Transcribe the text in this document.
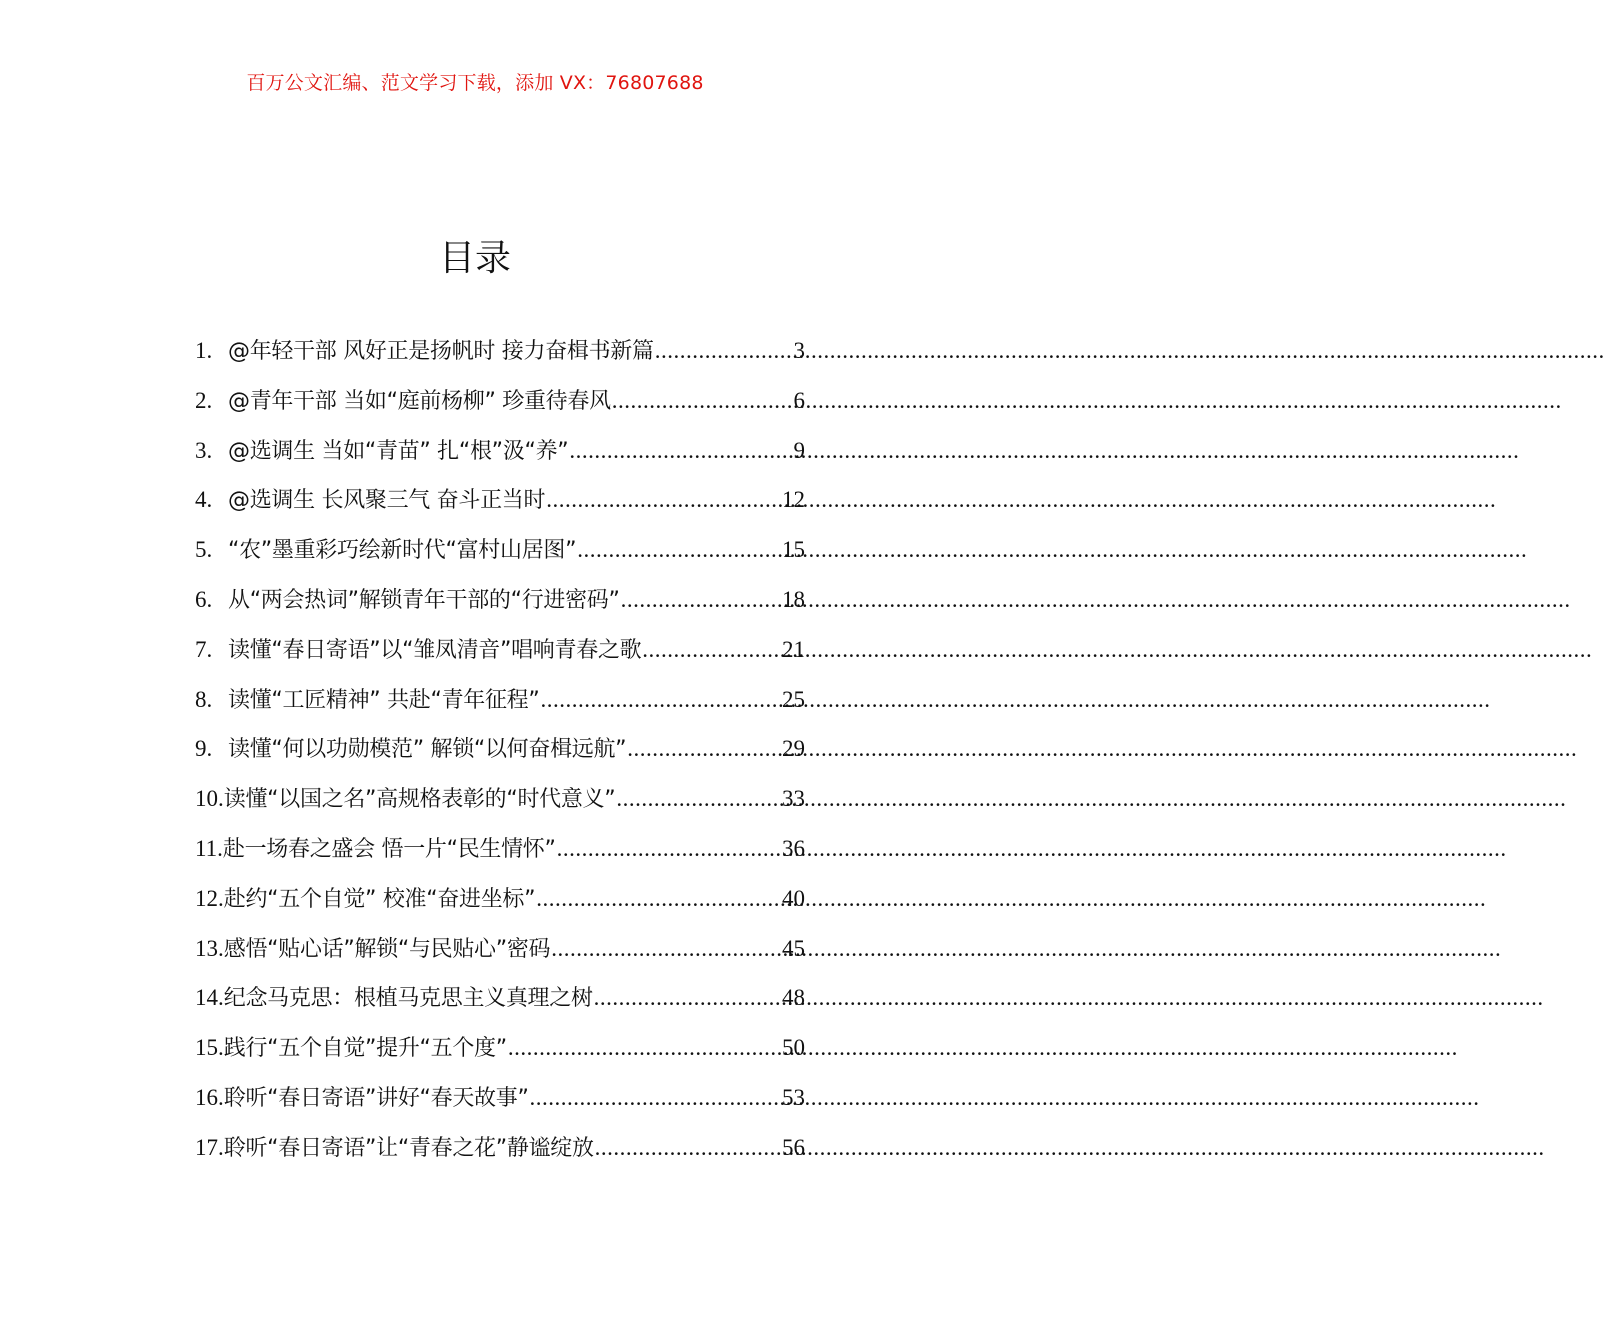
百万公文汇编、范文学习下载，添加 VX：76807688
目录
1. @年轻干部 风好正是扬帆时 接力奋楫书新篇 .....	3
2. @青年干部 当如“庭前杨柳” 珍重待春风 .....	6
3. @选调生 当如“青苗” 扎“根”汲“养” .....	9
4. @选调生 长风聚三气 奋斗正当时 .....	12
5. “农”墨重彩巧绘新时代“富村山居图” .....	15
6. 从“两会热词”解锁青年干部的“行进密码” .....	18
7. 读懂“春日寄语”以“雏凤清音”唱响青春之歌 .....	21
8. 读懂“工匠精神” 共赴“青年征程” .....	25
9. 读懂“何以功勋模范” 解锁“以何奋楫远航” .....	29
10. 读懂“以国之名”高规格表彰的“时代意义” .....	33
11. 赴一场春之盛会 悟一片“民生情怀” .....	36
12. 赴约“五个自觉” 校准“奋进坐标” .....	40
13. 感悟“贴心话”解锁“与民贴心”密码 .....	45
14. 纪念马克思：根植马克思主义真理之树 .....	48
15. 践行“五个自觉”提升“五个度” .....	50
16. 聆听“春日寄语”讲好“春天故事” .....	53
17. 聆听“春日寄语”让“青春之花”静谧绽放 .....	56
